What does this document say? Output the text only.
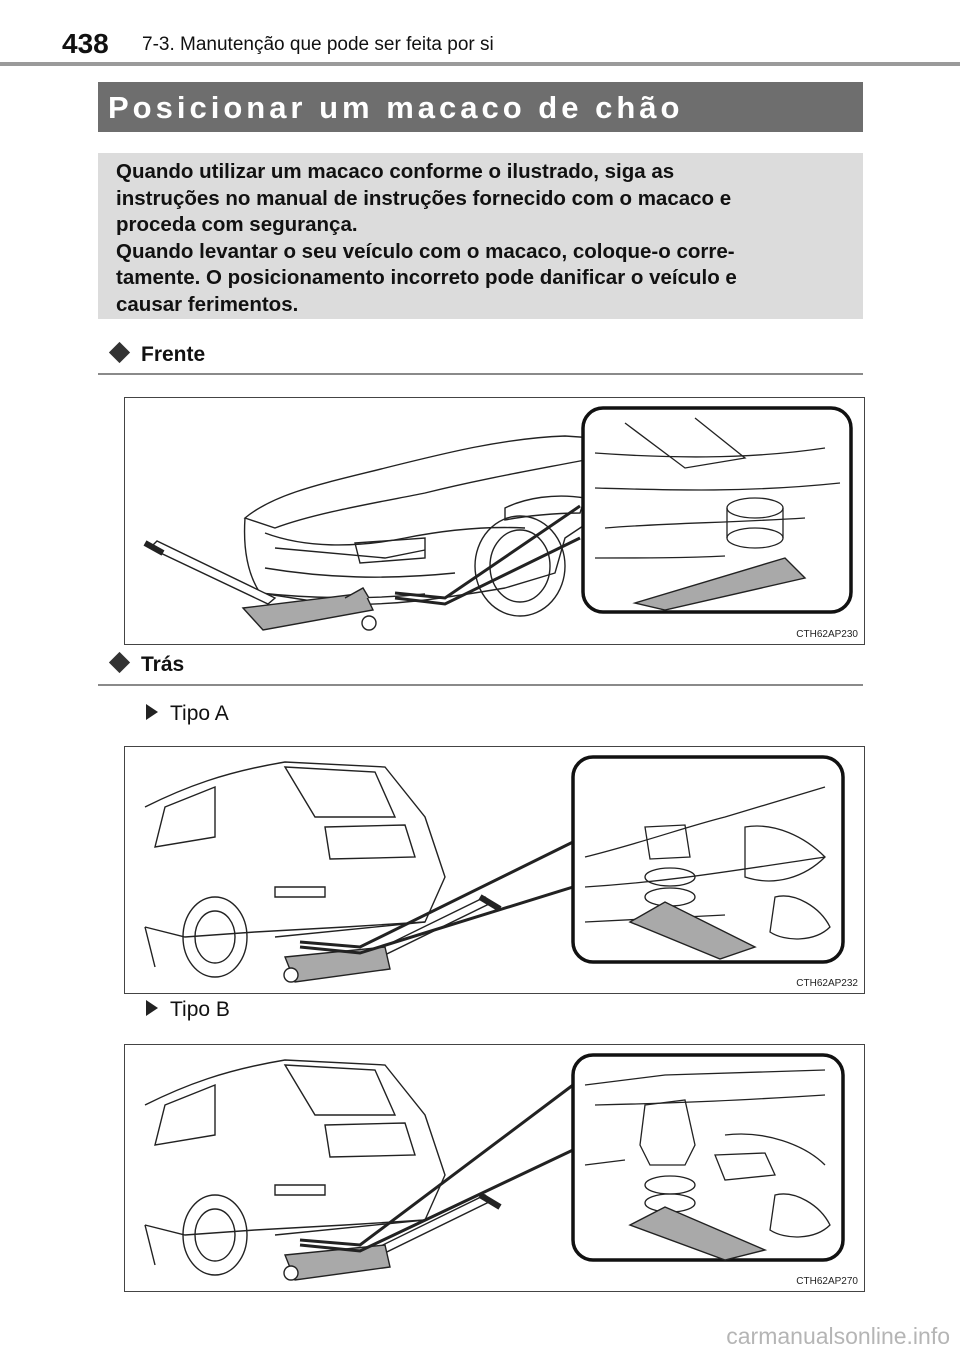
438 7-3. Manutenção que pode ser feita por si
Posicionar um macaco de chão

Quando utilizar um macaco conforme o ilustrado, siga as
instruções no manual de instruções fornecido com o macaco e
proceda com segurança.
Quando levantar o seu veículo com o macaco, coloque-o corre-
tamente. O posicionamento incorreto pode danificar o veículo e
causar ferimentos.

Frente
CTH62AP230
Trás
Tipo A
CTH62AP232
Tipo B
CTH62AP270
carmanualsonline.info
